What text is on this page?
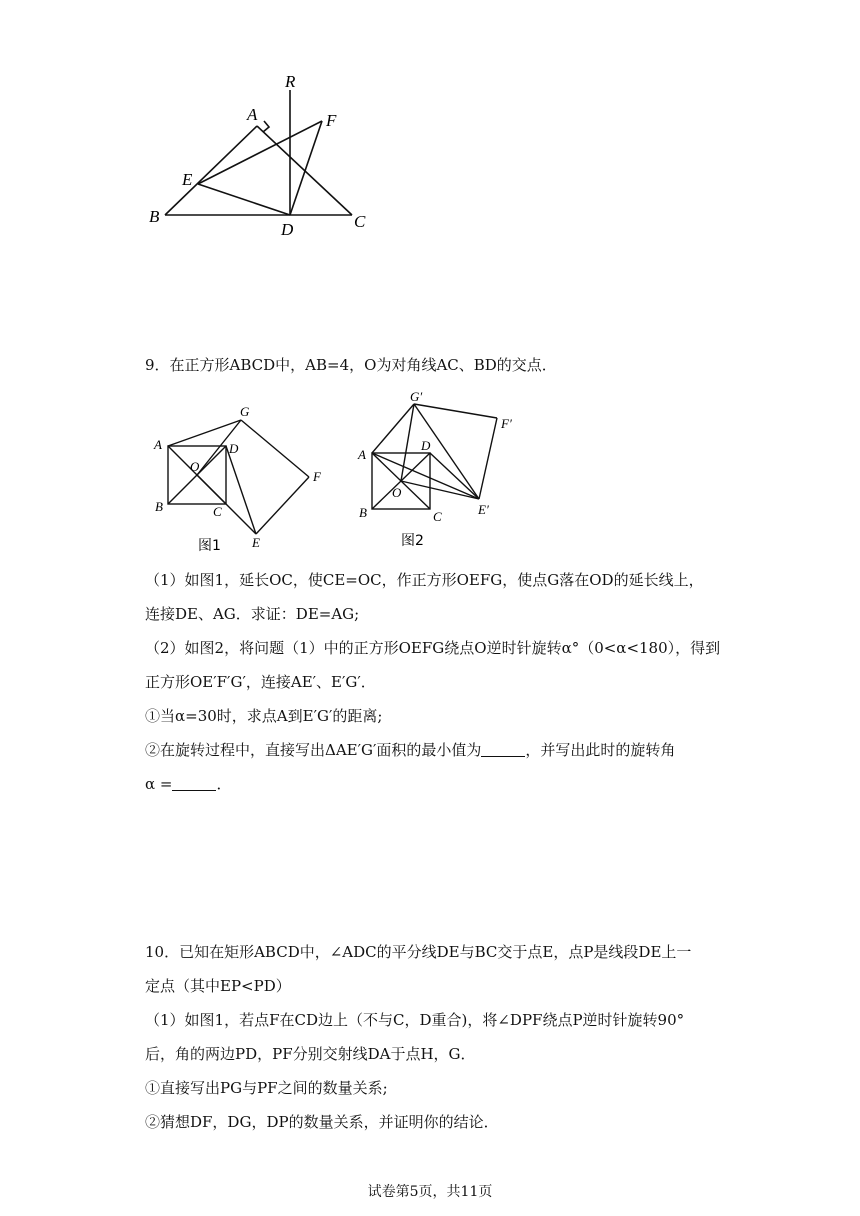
R
A	F
E
B
D	C
9．在正方形ABCD中，AB=4，O为对角线AC、BD的交点．
A
B	C
D
O
G
F
E
图1
A
B	C
D
O
G′
F′
E′
图2
（1）如图1，延长OC，使CE=OC，作正方形OEFG，使点G落在OD的延长线上，
连接DE、AG．求证：DE=AG;
（2）如图2，将问题（1）中的正方形OEFG绕点O逆时针旋转α°（0<α<180），得到
正方形OE′F′G′，连接AE′、E′G′．
①当α=30时，求点A到E′G′的距离;
②在旋转过程中，直接写出ΔAE′G′面积的最小值为	，并写出此时的旋转角
α =	．
10．已知在矩形ABCD中，∠ADC的平分线DE与BC交于点E，点P是线段DE上一
定点（其中EP<PD）
（1）如图1，若点F在CD边上（不与C，D重合)，将∠DPF绕点P逆时针旋转90°
后，角的两边PD，PF分别交射线DA于点H，G．
①直接写出PG与PF之间的数量关系;
②猜想DF，DG，DP的数量关系，并证明你的结论．
试卷第5页，共11页
